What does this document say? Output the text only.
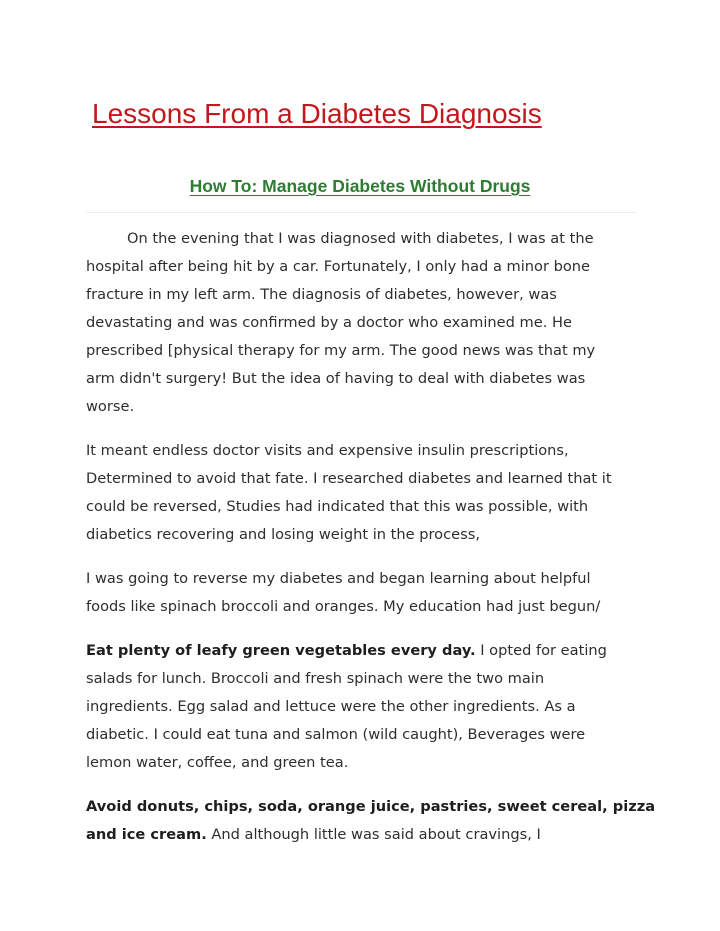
Lessons From a Diabetes Diagnosis
How To: Manage Diabetes Without Drugs

On the evening that I was diagnosed with diabetes, I was at the
hospital after being hit by a car. Fortunately, I only had a minor bone
fracture in my left arm. The diagnosis of diabetes, however, was
devastating and was confirmed by a doctor who examined me. He
prescribed [physical therapy for my arm. The good news was that my
arm didn't surgery! But the idea of having to deal with diabetes was
worse.

It meant endless doctor visits and expensive insulin prescriptions,
Determined to avoid that fate. I researched diabetes and learned that it
could be reversed, Studies had indicated that this was possible, with
diabetics recovering and losing weight in the process,

I was going to reverse my diabetes and began learning about helpful
foods like spinach broccoli and oranges. My education had just begun/

Eat plenty of leafy green vegetables every day. I opted for eating
salads for lunch. Broccoli and fresh spinach were the two main
ingredients. Egg salad and lettuce were the other ingredients. As a
diabetic. I could eat tuna and salmon (wild caught), Beverages were
lemon water, coffee, and green tea.

Avoid donuts, chips, soda, orange juice, pastries, sweet cereal, pizza
and ice cream. And although little was said about cravings, I
